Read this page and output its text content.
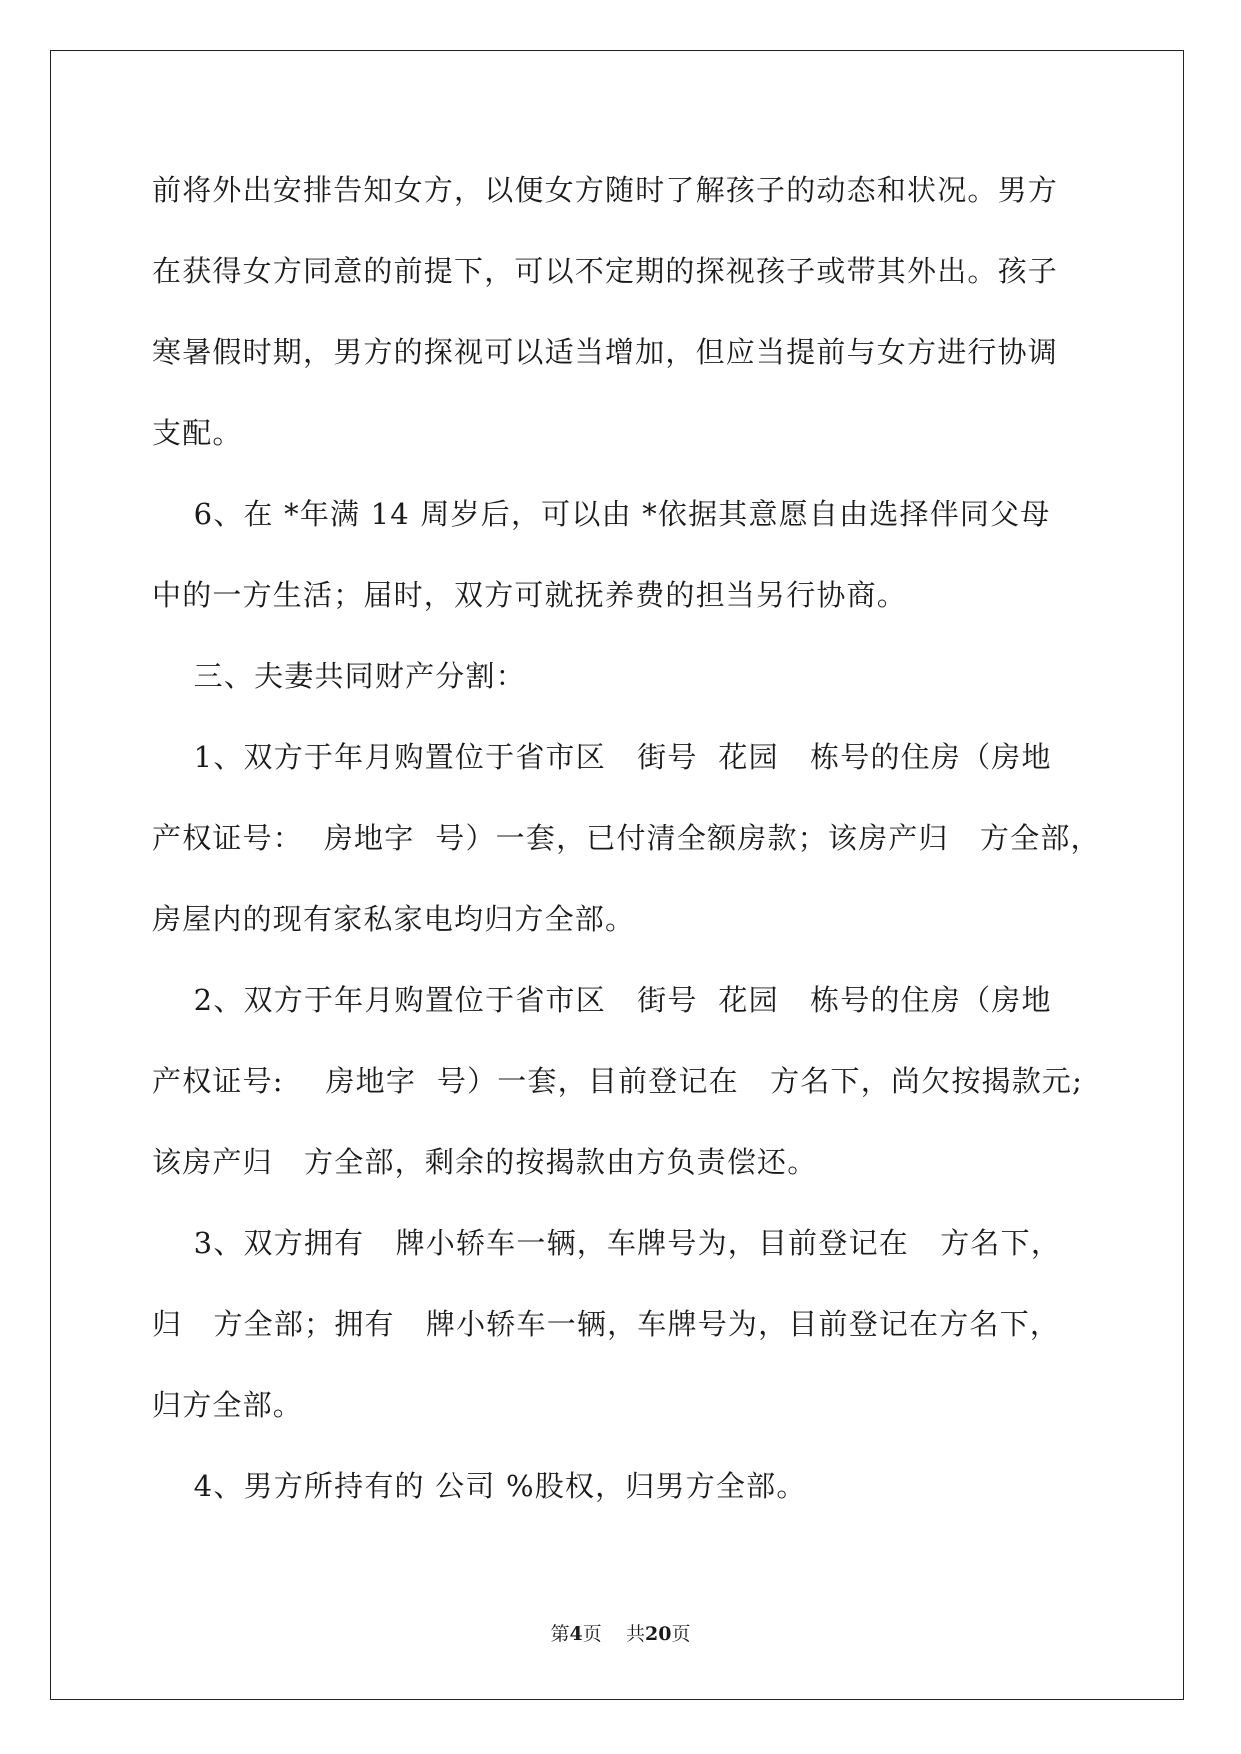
前将外出安排告知女方，以便女方随时了解孩子的动态和状况。男方
在获得女方同意的前提下，可以不定期的探视孩子或带其外出。孩子
寒暑假时期，男方的探视可以适当增加，但应当提前与女方进行协调
支配。
6、在 *年满 14 周岁后，可以由 *依据其意愿自由选择伴同父母
中的一方生活；届时，双方可就抚养费的担当另行协商。
三、夫妻共同财产分割：
1、双方于年月购置位于省市区   街号  花园   栋号的住房（房地
产权证号：  房地字  号）一套，已付清全额房款；该房产归   方全部，
房屋内的现有家私家电均归方全部。
2、双方于年月购置位于省市区   街号  花园   栋号的住房（房地
产权证号:    房地字  号）一套，目前登记在   方名下，尚欠按揭款元;
该房产归   方全部，剩余的按揭款由方负责偿还。
3、双方拥有   牌小轿车一辆，车牌号为，目前登记在   方名下，
归   方全部；拥有   牌小轿车一辆，车牌号为，目前登记在方名下，
归方全部。
4、男方所持有的 公司 %股权，归男方全部。
第4页 共20页
